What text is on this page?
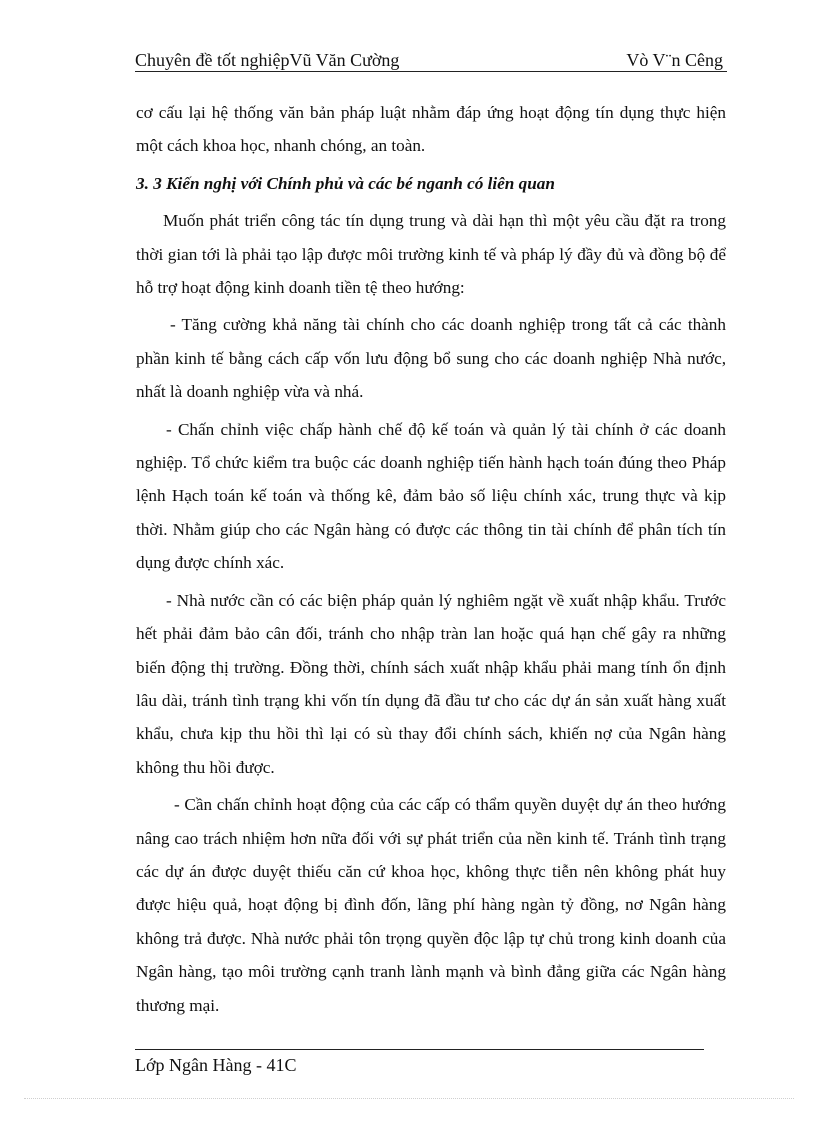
Chuyên đề tốt nghiệpVũ Văn Cường	Vò V¨n Cêng

cơ cấu lại hệ thống văn bản pháp luật nhằm đáp ứng hoạt động tín dụng thực hiện một cách khoa học, nhanh chóng, an toàn.

3. 3 Kiến nghị với Chính phủ và các bé nganh có liên quan

Muốn phát triển công tác tín dụng trung và dài hạn thì một yêu cầu đặt ra trong thời gian tới là phải tạo lập được môi trường kinh tế và pháp lý đầy đủ và đồng bộ để hỗ trợ hoạt động kinh doanh tiền tệ theo hướng:

- Tăng cường khả năng tài chính cho các doanh nghiệp trong tất cả các thành phần kinh tế bằng cách cấp vốn lưu động bổ sung cho các doanh nghiệp Nhà nước, nhất là doanh nghiệp vừa và nhá.

- Chấn chỉnh việc chấp hành chế độ kế toán và quản lý tài chính ở các doanh nghiệp. Tổ chức kiểm tra buộc các doanh nghiệp tiến hành hạch toán đúng theo Pháp lệnh Hạch toán kế toán và thống kê, đảm bảo số liệu chính xác, trung thực và kịp thời. Nhằm giúp cho các Ngân hàng có được các thông tin tài chính để phân tích tín dụng được chính xác.

- Nhà nước cần có các biện pháp quản lý nghiêm ngặt về xuất nhập khẩu. Trước hết phải đảm bảo cân đối, tránh cho nhập tràn lan hoặc quá hạn chế gây ra những biến động thị trường. Đồng thời, chính sách xuất nhập khẩu phải mang tính ổn định lâu dài, tránh tình trạng khi vốn tín dụng đã đầu tư cho các dự án sản xuất hàng xuất khẩu, chưa kịp thu hồi thì lại có sù thay đổi chính sách, khiến nợ của Ngân hàng không thu hồi được.

- Cần chấn chỉnh hoạt động của các cấp có thẩm quyền duyệt dự án theo hướng nâng cao trách nhiệm hơn nữa đối với sự phát triển của nền kinh tế. Tránh tình trạng các dự án được duyệt thiếu căn cứ khoa học, không thực tiễn nên không phát huy được hiệu quả, hoạt động bị đình đốn, lãng phí hàng ngàn tỷ đồng, nơ Ngân hàng không trả được. Nhà nước phải tôn trọng quyền độc lập tự chủ trong kinh doanh của Ngân hàng, tạo môi trường cạnh tranh lành mạnh và bình đẳng giữa các Ngân hàng thương mại.

Lớp Ngân Hàng - 41C
